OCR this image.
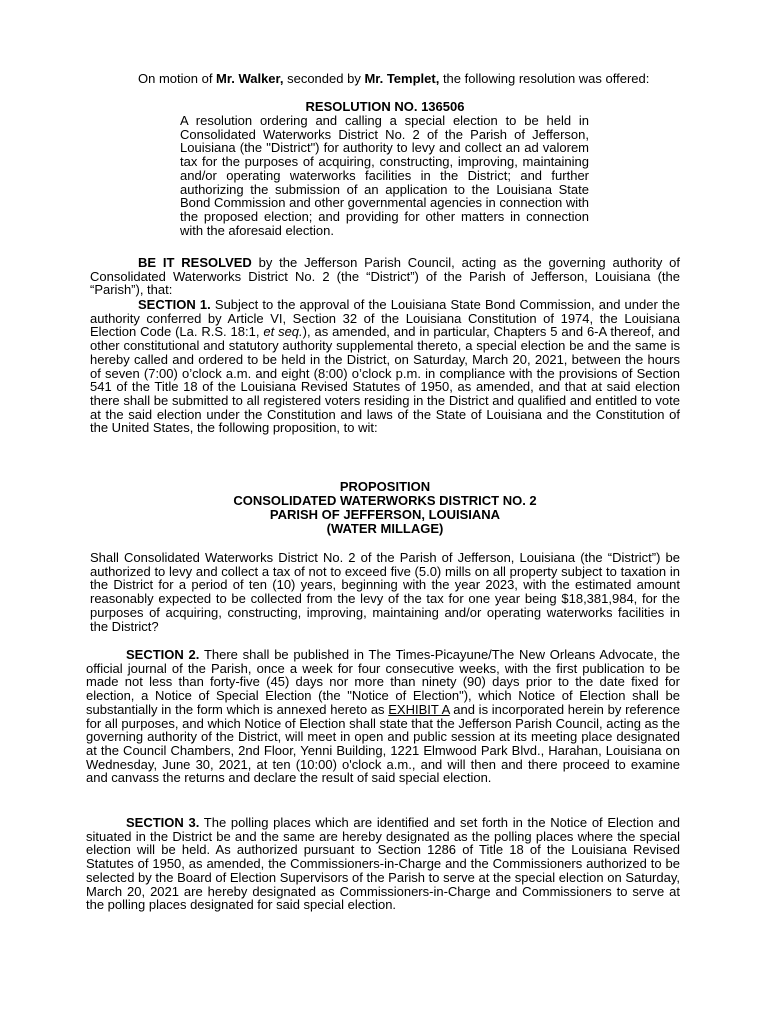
On motion of Mr. Walker, seconded by Mr. Templet, the following resolution was offered:

RESOLUTION NO. 136506

A resolution ordering and calling a special election to be held in Consolidated Waterworks District No. 2 of the Parish of Jefferson, Louisiana (the "District") for authority to levy and collect an ad valorem tax for the purposes of acquiring, constructing, improving, maintaining and/or operating waterworks facilities in the District; and further authorizing the submission of an application to the Louisiana State Bond Commission and other governmental agencies in connection with the proposed election; and providing for other matters in connection with the aforesaid election.

BE IT RESOLVED by the Jefferson Parish Council, acting as the governing authority of Consolidated Waterworks District No. 2 (the “District”) of the Parish of Jefferson, Louisiana (the “Parish”), that:

SECTION 1. Subject to the approval of the Louisiana State Bond Commission, and under the authority conferred by Article VI, Section 32 of the Louisiana Constitution of 1974, the Louisiana Election Code (La. R.S. 18:1, et seq.), as amended, and in particular, Chapters 5 and 6-A thereof, and other constitutional and statutory authority supplemental thereto, a special election be and the same is hereby called and ordered to be held in the District, on Saturday, March 20, 2021, between the hours of seven (7:00) o’clock a.m. and eight (8:00) o’clock p.m. in compliance with the provisions of Section 541 of the Title 18 of the Louisiana Revised Statutes of 1950, as amended, and that at said election there shall be submitted to all registered voters residing in the District and qualified and entitled to vote at the said election under the Constitution and laws of the State of Louisiana and the Constitution of the United States, the following proposition, to wit:

PROPOSITION
CONSOLIDATED WATERWORKS DISTRICT NO. 2
PARISH OF JEFFERSON, LOUISIANA
(WATER MILLAGE)

Shall Consolidated Waterworks District No. 2 of the Parish of Jefferson, Louisiana (the “District”) be authorized to levy and collect a tax of not to exceed five (5.0) mills on all property subject to taxation in the District for a period of ten (10) years, beginning with the year 2023, with the estimated amount reasonably expected to be collected from the levy of the tax for one year being $18,381,984, for the purposes of acquiring, constructing, improving, maintaining and/or operating waterworks facilities in the District?

SECTION 2. There shall be published in The Times-Picayune/The New Orleans Advocate, the official journal of the Parish, once a week for four consecutive weeks, with the first publication to be made not less than forty-five (45) days nor more than ninety (90) days prior to the date fixed for election, a Notice of Special Election (the "Notice of Election"), which Notice of Election shall be substantially in the form which is annexed hereto as EXHIBIT A and is incorporated herein by reference for all purposes, and which Notice of Election shall state that the Jefferson Parish Council, acting as the governing authority of the District, will meet in open and public session at its meeting place designated at the Council Chambers, 2nd Floor, Yenni Building, 1221 Elmwood Park Blvd., Harahan, Louisiana on Wednesday, June 30, 2021, at ten (10:00) o'clock a.m., and will then and there proceed to examine and canvass the returns and declare the result of said special election.

SECTION 3. The polling places which are identified and set forth in the Notice of Election and situated in the District be and the same are hereby designated as the polling places where the special election will be held. As authorized pursuant to Section 1286 of Title 18 of the Louisiana Revised Statutes of 1950, as amended, the Commissioners-in-Charge and the Commissioners authorized to be selected by the Board of Election Supervisors of the Parish to serve at the special election on Saturday, March 20, 2021 are hereby designated as Commissioners-in-Charge and Commissioners to serve at the polling places designated for said special election.
